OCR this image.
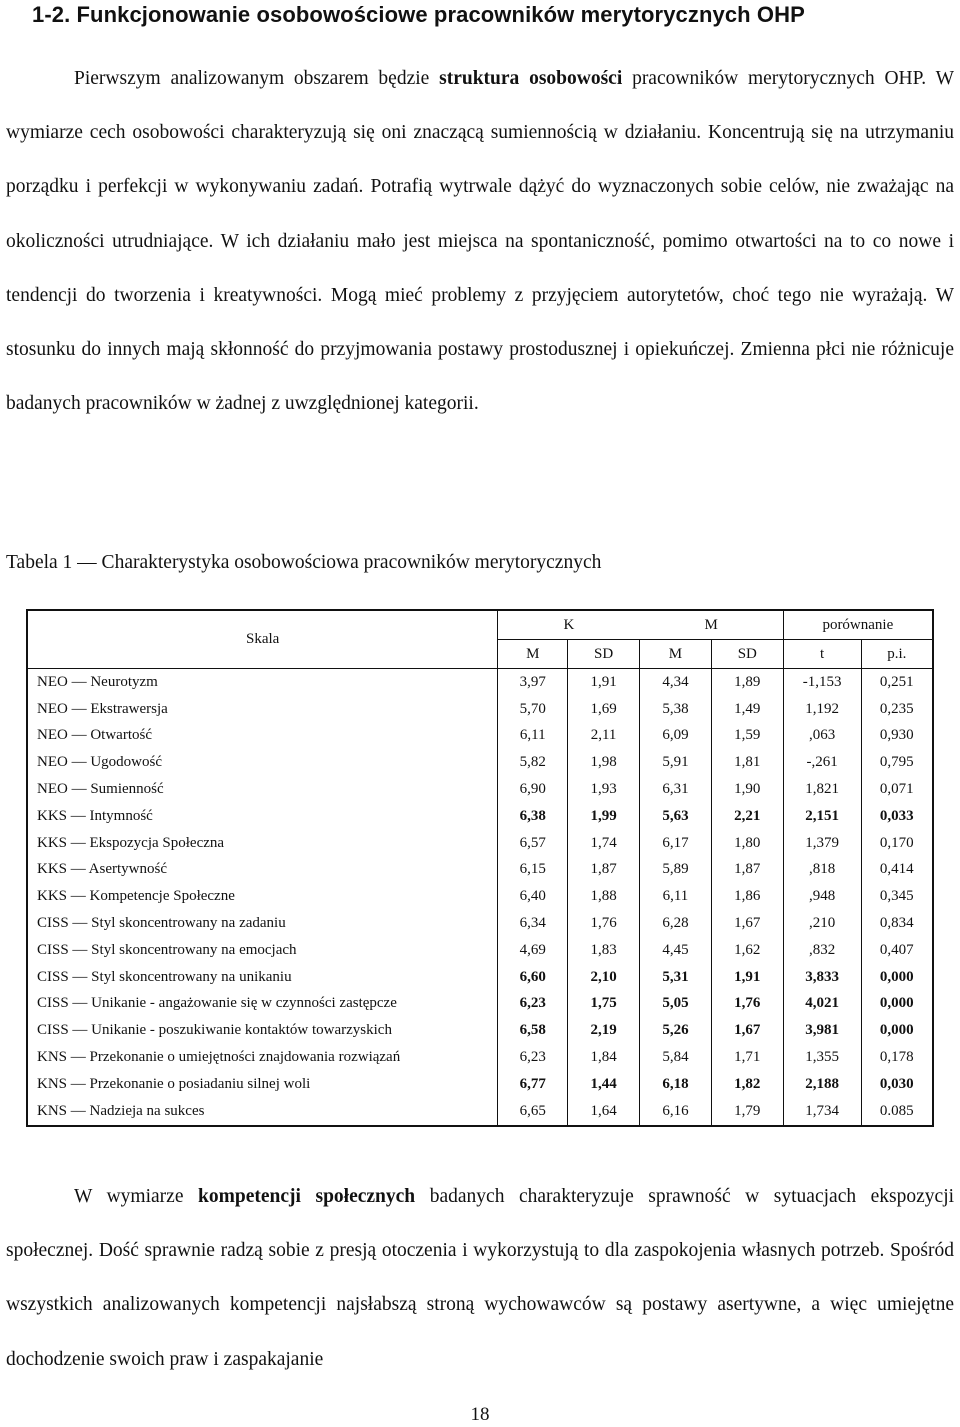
1-2. Funkcjonowanie osobowościowe pracowników merytorycznych OHP

Pierwszym analizowanym obszarem będzie struktura osobowości pracowników merytorycznych OHP. W wymiarze cech osobowości charakteryzują się oni znaczącą sumiennością w działaniu. Koncentrują się na utrzymaniu porządku i perfekcji w wykonywaniu zadań. Potrafią wytrwale dążyć do wyznaczonych sobie celów, nie zważając na okoliczności utrudniające. W ich działaniu mało jest miejsca na spontaniczność, pomimo otwartości na to co nowe i tendencji do tworzenia i kreatywności. Mogą mieć problemy z przyjęciem autorytetów, choć tego nie wyrażają. W stosunku do innych mają skłonność do przyjmowania postawy prostodusznej i opiekuńczej. Zmienna płci nie różnicuje badanych pracowników w żadnej z uwzględnionej kategorii.

Tabela 1 — Charakterystyka osobowościowa pracowników merytorycznych

Skala	K		M		porównanie	
	M	SD	M	SD	t	p.i.
NEO — Neurotyzm	3,97	1,91	4,34	1,89	-1,153	0,251
NEO — Ekstrawersja	5,70	1,69	5,38	1,49	1,192	0,235
NEO — Otwartość	6,11	2,11	6,09	1,59	,063	0,930
NEO — Ugodowość	5,82	1,98	5,91	1,81	-,261	0,795
NEO — Sumienność	6,90	1,93	6,31	1,90	1,821	0,071
KKS — Intymność	6,38	1,99	5,63	2,21	2,151	0,033
KKS — Ekspozycja Społeczna	6,57	1,74	6,17	1,80	1,379	0,170
KKS — Asertywność	6,15	1,87	5,89	1,87	,818	0,414
KKS — Kompetencje Społeczne	6,40	1,88	6,11	1,86	,948	0,345
CISS — Styl skoncentrowany na zadaniu	6,34	1,76	6,28	1,67	,210	0,834
CISS — Styl skoncentrowany na emocjach	4,69	1,83	4,45	1,62	,832	0,407
CISS — Styl skoncentrowany na unikaniu	6,60	2,10	5,31	1,91	3,833	0,000
CISS — Unikanie - angażowanie się w czynności zastępcze	6,23	1,75	5,05	1,76	4,021	0,000
CISS — Unikanie - poszukiwanie kontaktów towarzyskich	6,58	2,19	5,26	1,67	3,981	0,000
KNS — Przekonanie o umiejętności znajdowania rozwiązań	6,23	1,84	5,84	1,71	1,355	0,178
KNS — Przekonanie o posiadaniu silnej woli	6,77	1,44	6,18	1,82	2,188	0,030
KNS — Nadzieja na sukces	6,65	1,64	6,16	1,79	1,734	0.085

W wymiarze kompetencji społecznych badanych charakteryzuje sprawność w sytuacjach ekspozycji społecznej. Dość sprawnie radzą sobie z presją otoczenia i wykorzystują to dla zaspokojenia własnych potrzeb. Spośród wszystkich analizowanych kompetencji najsłabszą stroną wychowawców są postawy asertywne, a więc umiejętne dochodzenie swoich praw i zaspakajanie

18
